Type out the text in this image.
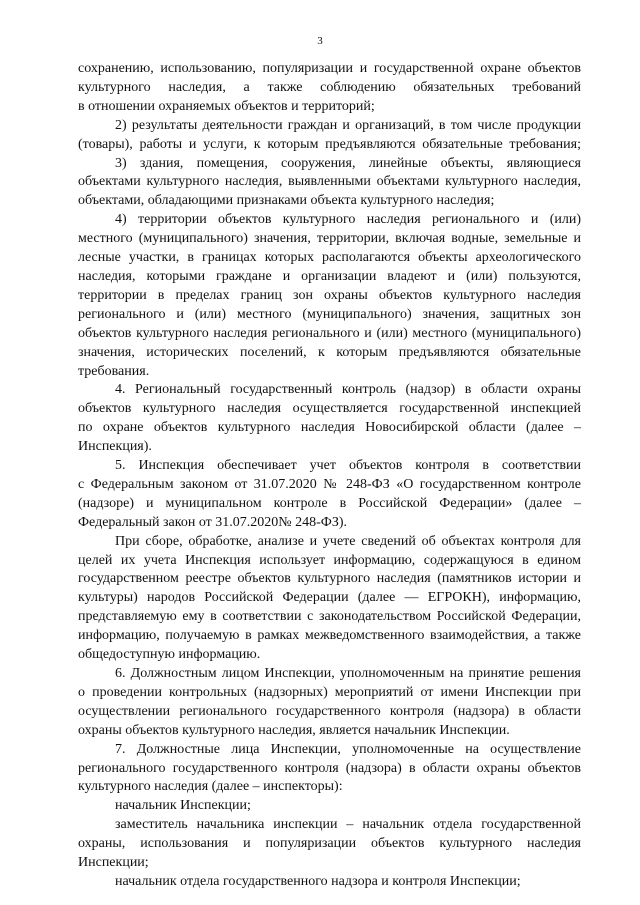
3
сохранению, использованию, популяризации и государственной охране объектов
культурного наследия, а также соблюдению обязательных требований
в отношении охраняемых объектов и территорий;
2) результаты деятельности граждан и организаций, в том числе продукции
(товары), работы и услуги, к которым предъявляются обязательные требования;
3) здания, помещения, сооружения, линейные объекты, являющиеся
объектами культурного наследия, выявленными объектами культурного наследия,
объектами, обладающими признаками объекта культурного наследия;
4) территории объектов культурного наследия регионального и (или)
местного (муниципального) значения, территории, включая водные, земельные и
лесные участки, в границах которых располагаются объекты археологического
наследия, которыми граждане и организации владеют и (или) пользуются,
территории в пределах границ зон охраны объектов культурного наследия
регионального и (или) местного (муниципального) значения, защитных зон
объектов культурного наследия регионального и (или) местного (муниципального)
значения, исторических поселений, к которым предъявляются обязательные
требования.
4. Региональный государственный контроль (надзор) в области охраны
объектов культурного наследия осуществляется государственной инспекцией
по охране объектов культурного наследия Новосибирской области (далее –
Инспекция).
5. Инспекция обеспечивает учет объектов контроля в соответствии
с Федеральным законом от 31.07.2020 № 248-ФЗ «О государственном контроле
(надзоре) и муниципальном контроле в Российской Федерации» (далее –
Федеральный закон от 31.07.2020№ 248-ФЗ).
При сборе, обработке, анализе и учете сведений об объектах контроля для
целей их учета Инспекция использует информацию, содержащуюся в едином
государственном реестре объектов культурного наследия (памятников истории и
культуры) народов Российской Федерации (далее — ЕГРОКН), информацию,
представляемую ему в соответствии с законодательством Российской Федерации,
информацию, получаемую в рамках межведомственного взаимодействия, а также
общедоступную информацию.
6. Должностным лицом Инспекции, уполномоченным на принятие решения
о проведении контрольных (надзорных) мероприятий от имени Инспекции при
осуществлении регионального государственного контроля (надзора) в области
охраны объектов культурного наследия, является начальник Инспекции.
7. Должностные лица Инспекции, уполномоченные на осуществление
регионального государственного контроля (надзора) в области охраны объектов
культурного наследия (далее – инспекторы):
начальник Инспекции;
заместитель начальника инспекции – начальник отдела государственной
охраны, использования и популяризации объектов культурного наследия
Инспекции;
начальник отдела государственного надзора и контроля Инспекции;
